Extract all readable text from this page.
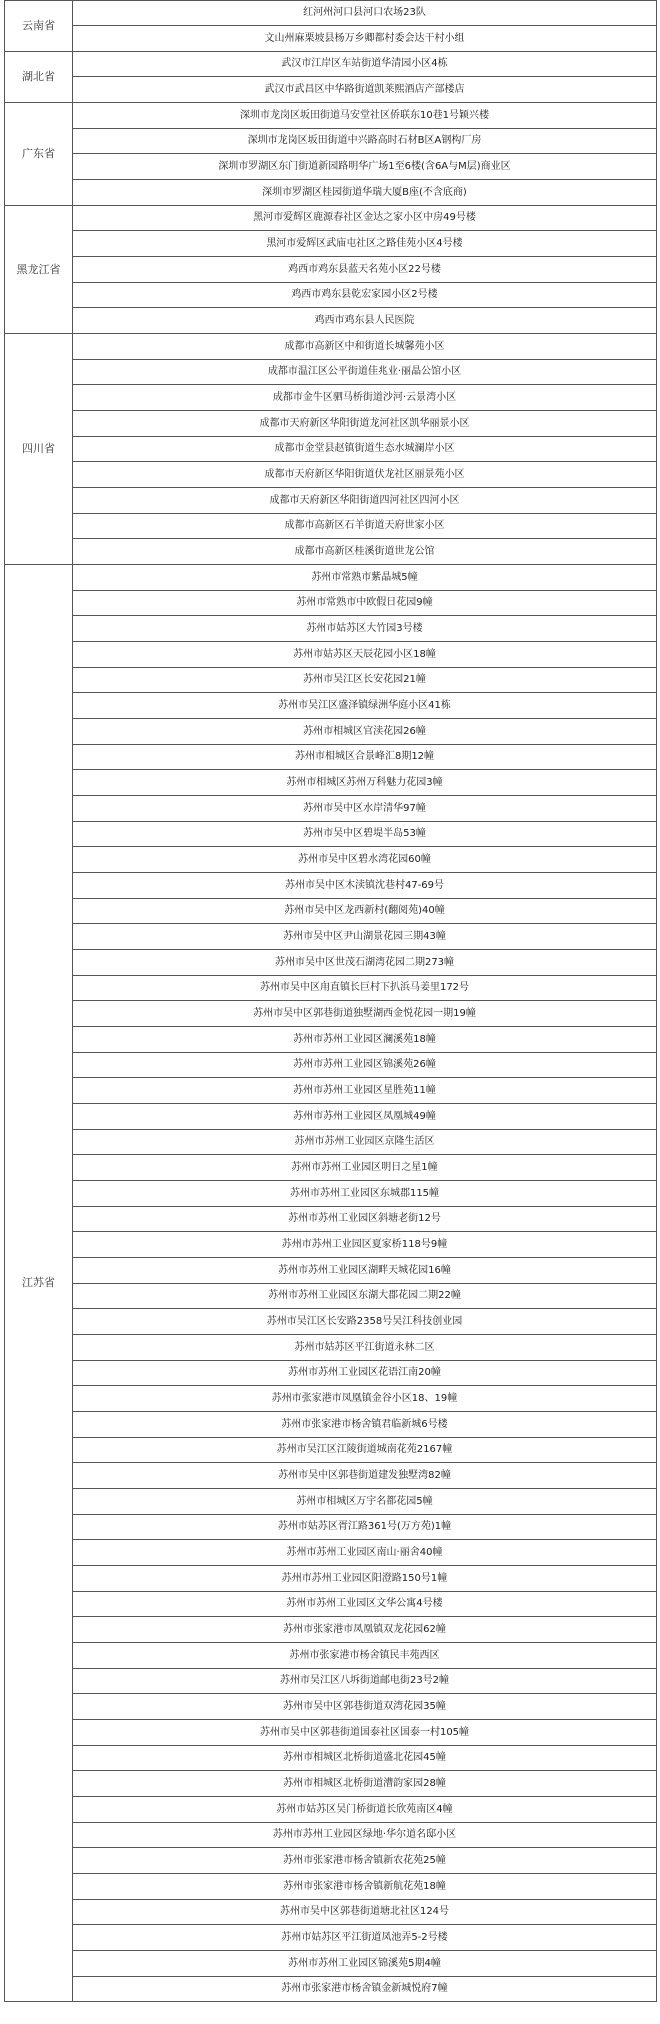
云南省	红河州河口县河口农场23队
	文山州麻栗坡县杨万乡卿都村委会达干村小组
湖北省	武汉市江岸区车站街道华清园小区4栋
	武汉市武昌区中华路街道凯莱熙酒店产部楼店
广东省	深圳市龙岗区坂田街道马安堂社区侨联东10巷1号颖兴楼
	深圳市龙岗区坂田街道中兴路高时石材B区A钢构厂房
	深圳市罗湖区东门街道新园路明华广场1至6楼(含6A与M层)商业区
	深圳市罗湖区桂园街道华瑞大厦B座(不含底商)
黑龙江省	黑河市爱辉区鹿源春社区金达之家小区中房49号楼
	黑河市爱辉区武庙屯社区之路佳苑小区4号楼
	鸡西市鸡东县蓝天名苑小区22号楼
	鸡西市鸡东县乾宏家园小区2号楼
	鸡西市鸡东县人民医院
四川省	成都市高新区中和街道长城馨苑小区
	成都市温江区公平街道佳兆业·丽晶公馆小区
	成都市金牛区驷马桥街道沙河·云景湾小区
	成都市天府新区华阳街道龙河社区凯华丽景小区
	成都市金堂县赵镇街道生态水城澜岸小区
	成都市天府新区华阳街道伏龙社区丽景苑小区
	成都市天府新区华阳街道四河社区四河小区
	成都市高新区石羊街道天府世家小区
	成都市高新区桂溪街道世龙公馆
江苏省	苏州市常熟市紫晶城5幢
	苏州市常熟市中欧假日花园9幢
	苏州市姑苏区大竹园3号楼
	苏州市姑苏区天辰花园小区18幢
	苏州市吴江区长安花园21幢
	苏州市吴江区盛泽镇绿洲华庭小区41栋
	苏州市相城区官渎花园26幢
	苏州市相城区合景峰汇8期12幢
	苏州市相城区苏州万科魅力花园3幢
	苏州市吴中区水岸清华97幢
	苏州市吴中区碧堤半岛53幢
	苏州市吴中区碧水湾花园60幢
	苏州市吴中区木渎镇沈巷村47-69号
	苏州市吴中区龙西新村(翻阅苑)40幢
	苏州市吴中区尹山湖景花园三期43幢
	苏州市吴中区世茂石湖湾花园二期273幢
	苏州市吴中区甪直镇长巨村下扒浜马姜里172号
	苏州市吴中区郭巷街道独墅湖西金悦花园一期19幢
	苏州市苏州工业园区澜溪苑18幢
	苏州市苏州工业园区锦溪苑26幢
	苏州市苏州工业园区星胜苑11幢
	苏州市苏州工业园区凤凰城49幢
	苏州市苏州工业园区京隆生活区
	苏州市苏州工业园区明日之星1幢
	苏州市苏州工业园区东城郡115幢
	苏州市苏州工业园区斜塘老街12号
	苏州市苏州工业园区夏家桥118号9幢
	苏州市苏州工业园区湖畔天城花园16幢
	苏州市苏州工业园区东湖大郡花园二期22幢
	苏州市吴江区长安路2358号吴江科技创业园
	苏州市姑苏区平江街道永林二区
	苏州市苏州工业园区花语江南20幢
	苏州市张家港市凤凰镇金谷小区18、19幢
	苏州市张家港市杨舍镇君临新城6号楼
	苏州市吴江区江陵街道城南花苑2167幢
	苏州市吴中区郭巷街道建发独墅湾82幢
	苏州市相城区万宇名都花园5幢
	苏州市姑苏区胥江路361号(万方苑)1幢
	苏州市苏州工业园区南山·丽舍40幢
	苏州市苏州工业园区阳澄路150号1幢
	苏州市苏州工业园区文华公寓4号楼
	苏州市张家港市凤凰镇双龙花园62幢
	苏州市张家港市杨舍镇民丰苑西区
	苏州市吴江区八坼街道邮电街23号2幢
	苏州市吴中区郭巷街道双湾花园35幢
	苏州市吴中区郭巷街道国泰社区国泰一村105幢
	苏州市相城区北桥街道盛北花园45幢
	苏州市相城区北桥街道漕韵家园28幢
	苏州市姑苏区吴门桥街道长欣苑南区4幢
	苏州市苏州工业园区绿地·华尔道名邸小区
	苏州市张家港市杨舍镇新农花苑25幢
	苏州市张家港市杨舍镇新航花苑18幢
	苏州市吴中区郭巷街道塘北社区124号
	苏州市姑苏区平江街道凤池弄5-2号楼
	苏州市苏州工业园区锦溪苑5期4幢
	苏州市张家港市杨舍镇金新城悦府7幢
